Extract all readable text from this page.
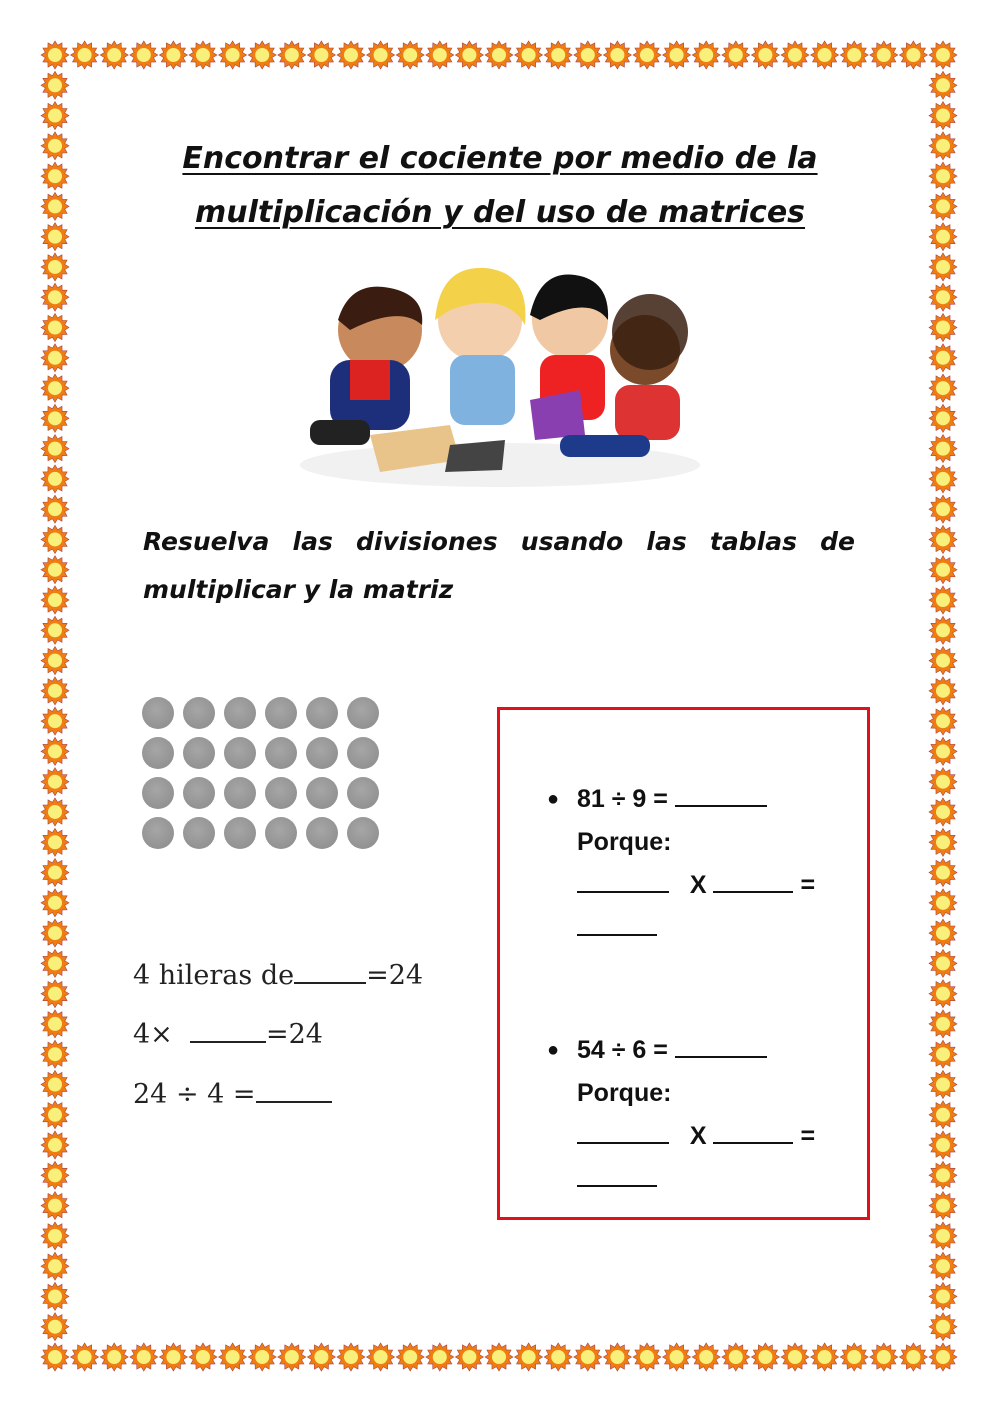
Encontrar el cociente por medio de la
multiplicación y del uso de matrices
Resuelva las divisiones usando las tablas de multiplicar y la matriz
4 hileras de	=24
4×	=24
24 ÷ 4 =
● 81 ÷ 9 =
Porque:
X	=

● 54 ÷ 6 =
Porque:
X	=
